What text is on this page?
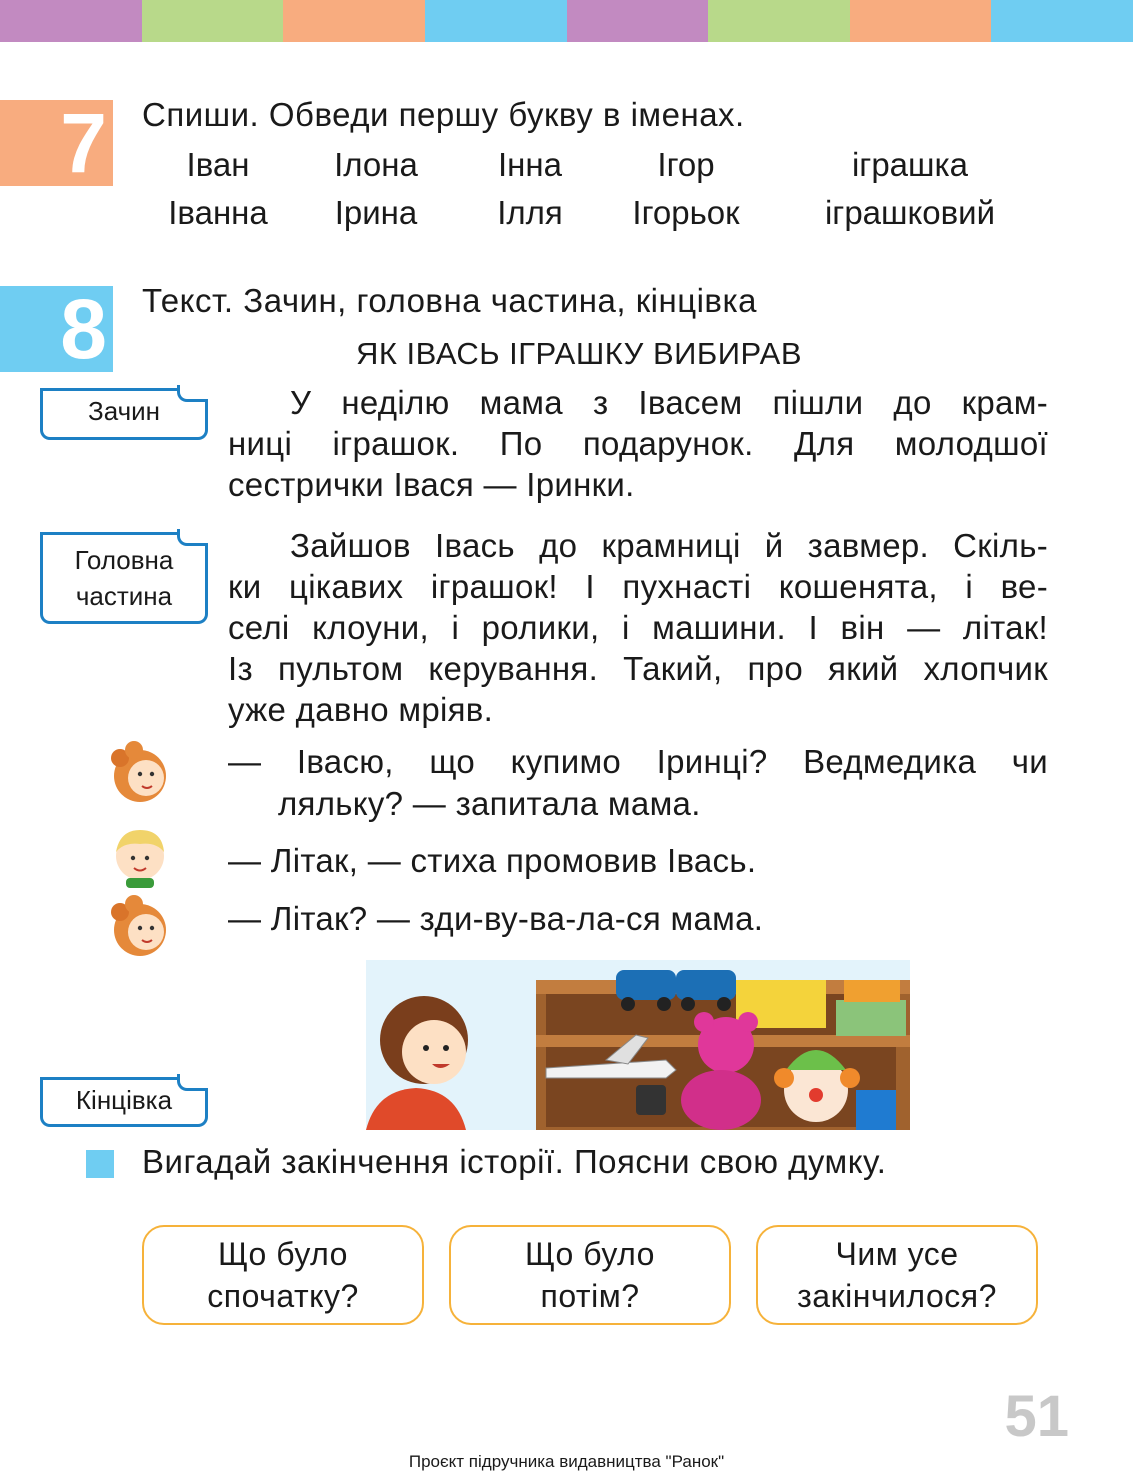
7 Спиши. Обведи першу букву в іменах.
Іван	Ілона Інна	Ігор	іграшка
Іванна Ірина Ілля Ігорьок	іграшковий
8 Текст. Зачин, головна частина, кінцівка
ЯК ІВАСЬ ІГРАШКУ ВИБИРАВ
Зачин
Головна
частина
Кінцівка
У неділю мама з Івасем пішли до крам-
ниці іграшок. По подарунок. Для молодшої
сестрички Івася — Іринки.
Зайшов Івась до крамниці й завмер. Скіль-
ки цікавих іграшок! І пухнасті кошенята, і ве-
селі клоуни, і ролики, і машини. І він — літак!
Із пультом керування. Такий, про який хлопчик
уже давно мріяв.
— Івасю, що купимо Іринці? Ведмедика чи
ляльку? — запитала мама.
— Літак, — стиха промовив Івась.
— Літак? — зди-ву-ва-ла-ся мама.
Вигадай закінчення історії. Поясни свою думку.
Що було
спочатку?
Що було
потім?
Чим усе
закінчилося?
51
Проєкт підручника видавництва "Ранок"
